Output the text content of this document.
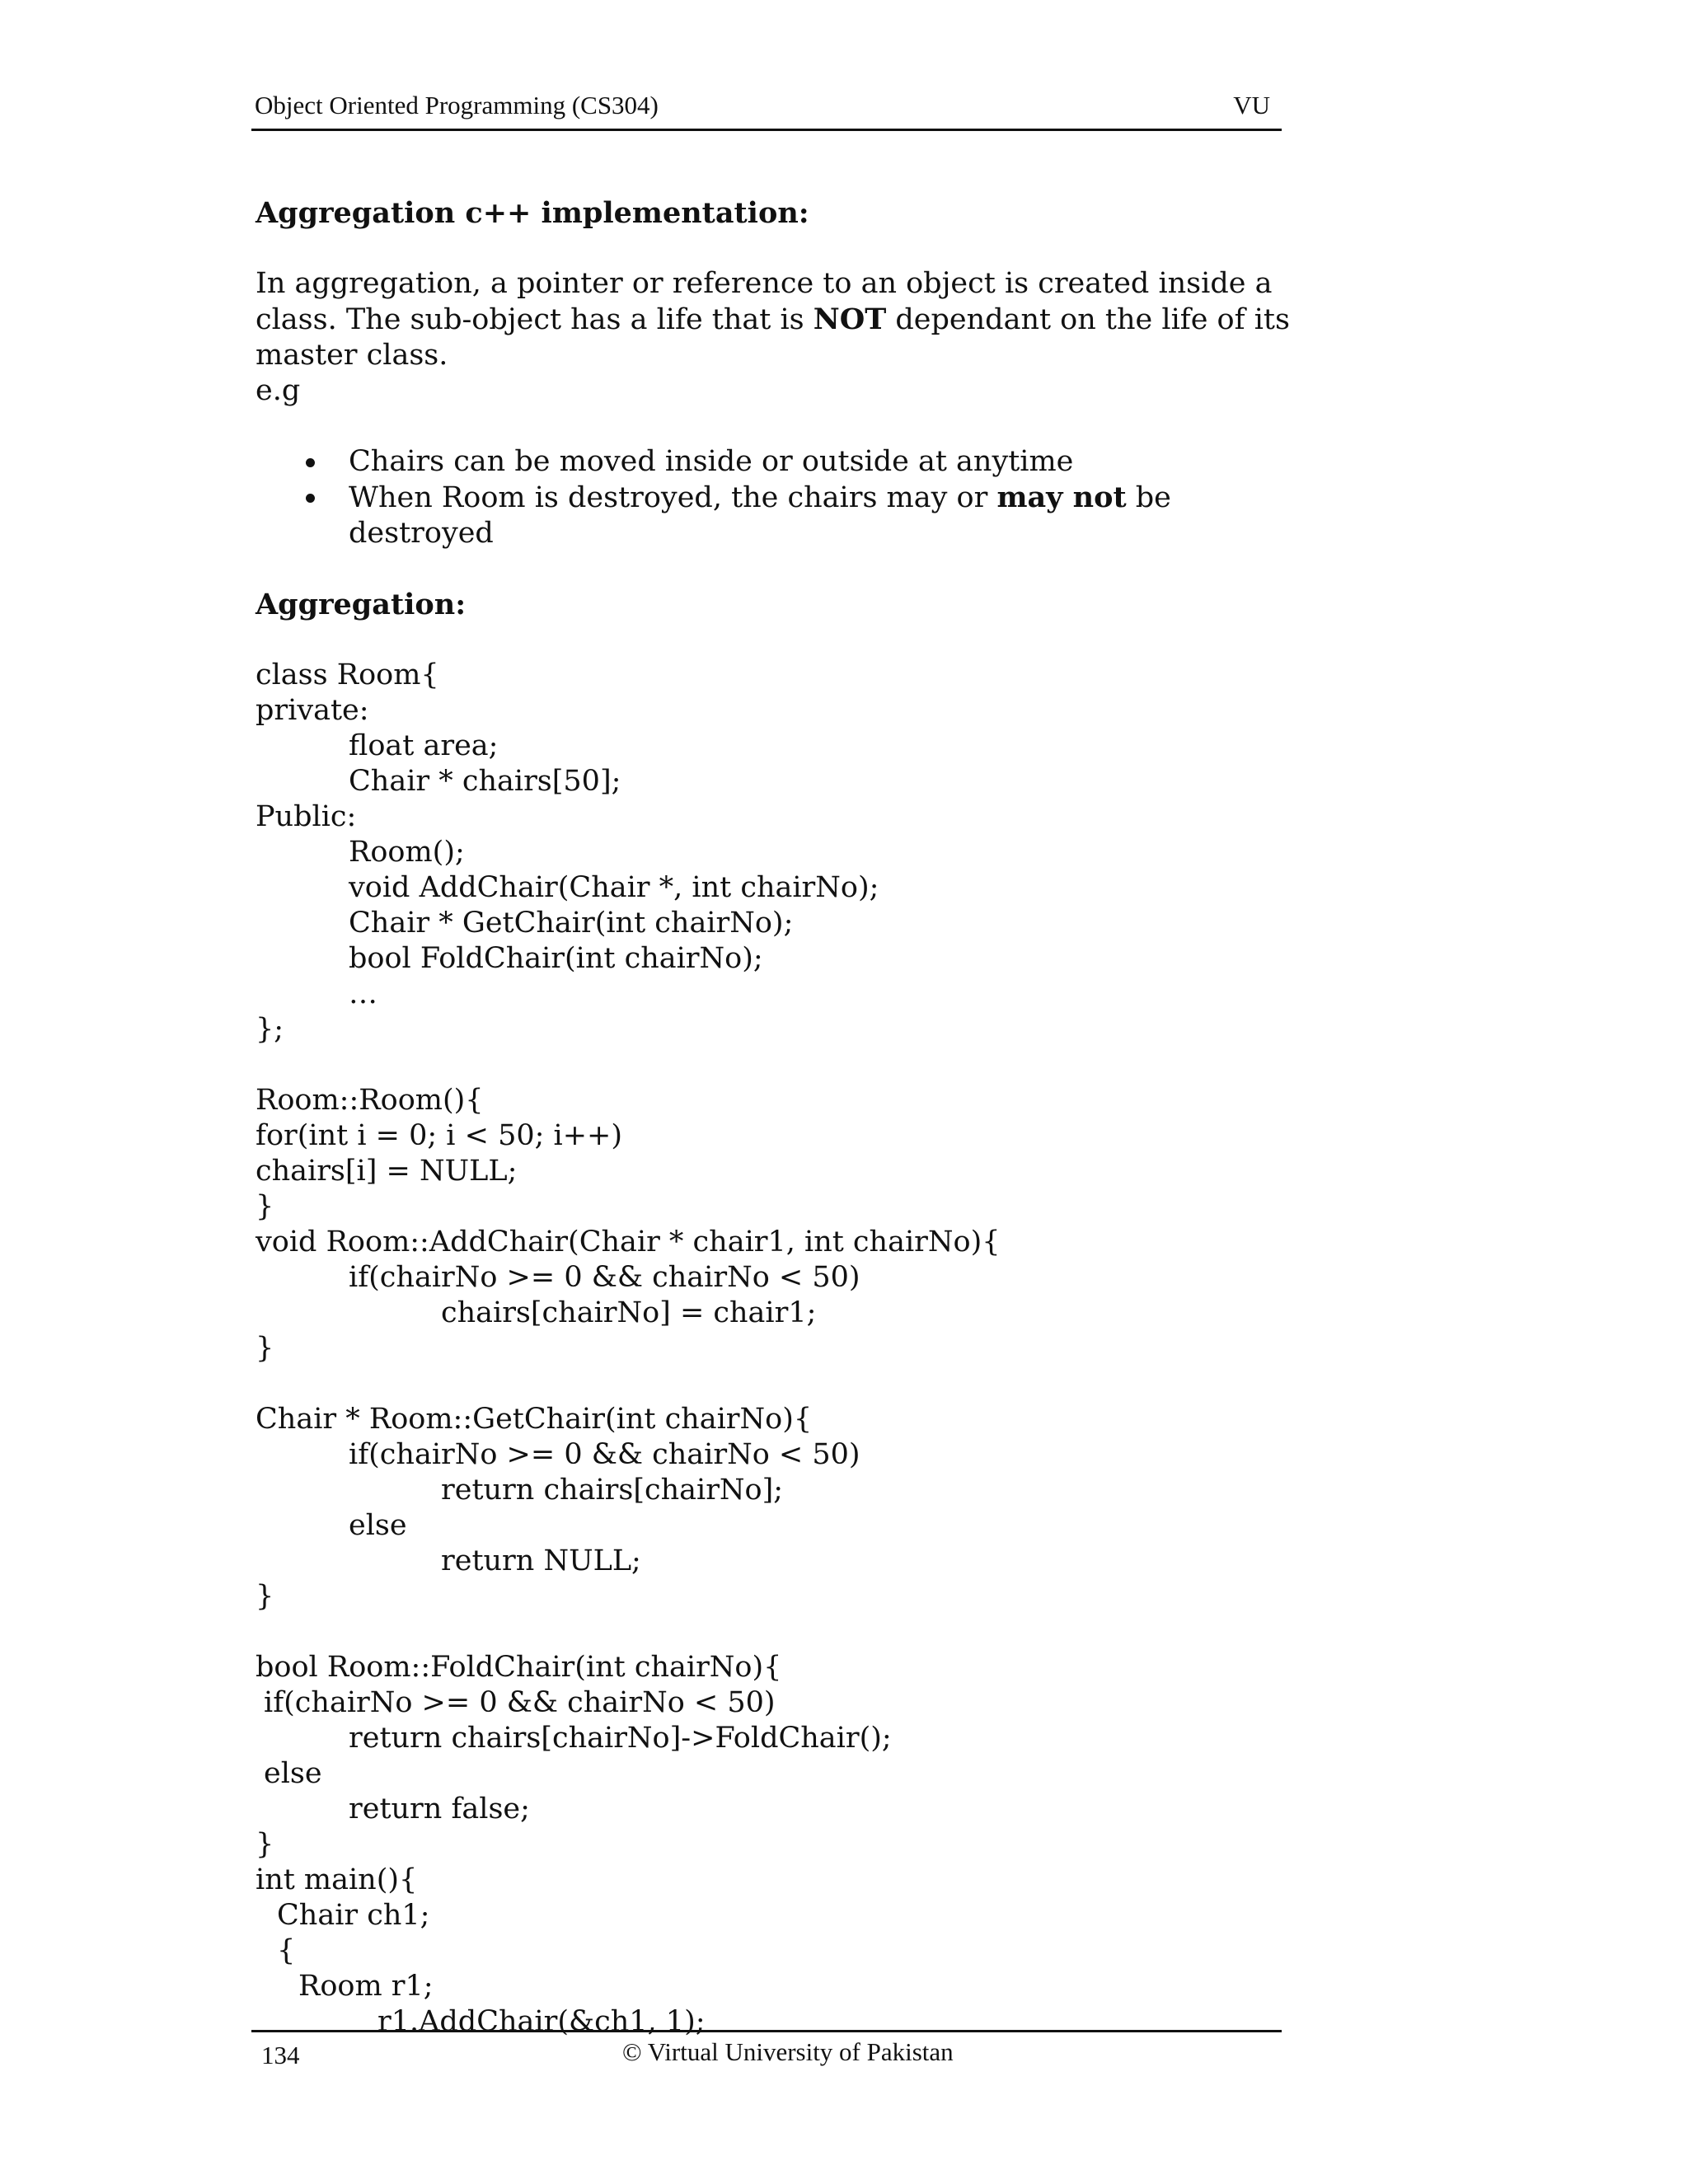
Object Oriented Programming (CS304)	VU

Aggregation c++ implementation:

In aggregation, a pointer or reference to an object is created inside a class. The sub-object has a life that is NOT dependant on the life of its master class.

e.g

Chairs can be moved inside or outside at anytime
When Room is destroyed, the chairs may or may not be destroyed

Aggregation:

class Room{
private:
float area;
Chair * chairs[50];
Public:
Room();
void AddChair(Chair *, int chairNo);
Chair * GetChair(int chairNo);
bool FoldChair(int chairNo);
…
};
Room::Room(){
for(int i = 0; i < 50; i++)
chairs[i] = NULL;
}
void Room::AddChair(Chair * chair1, int chairNo){
if(chairNo >= 0 && chairNo < 50)
chairs[chairNo] = chair1;
}
Chair * Room::GetChair(int chairNo){
if(chairNo >= 0 && chairNo < 50)
return chairs[chairNo];
else
return NULL;
}
bool Room::FoldChair(int chairNo){
if(chairNo >= 0 && chairNo < 50)
return chairs[chairNo]->FoldChair();
else
return false;
}
int main(){
Chair ch1;
{
Room r1;
r1.AddChair(&ch1, 1);
134	© Virtual University of Pakistan
